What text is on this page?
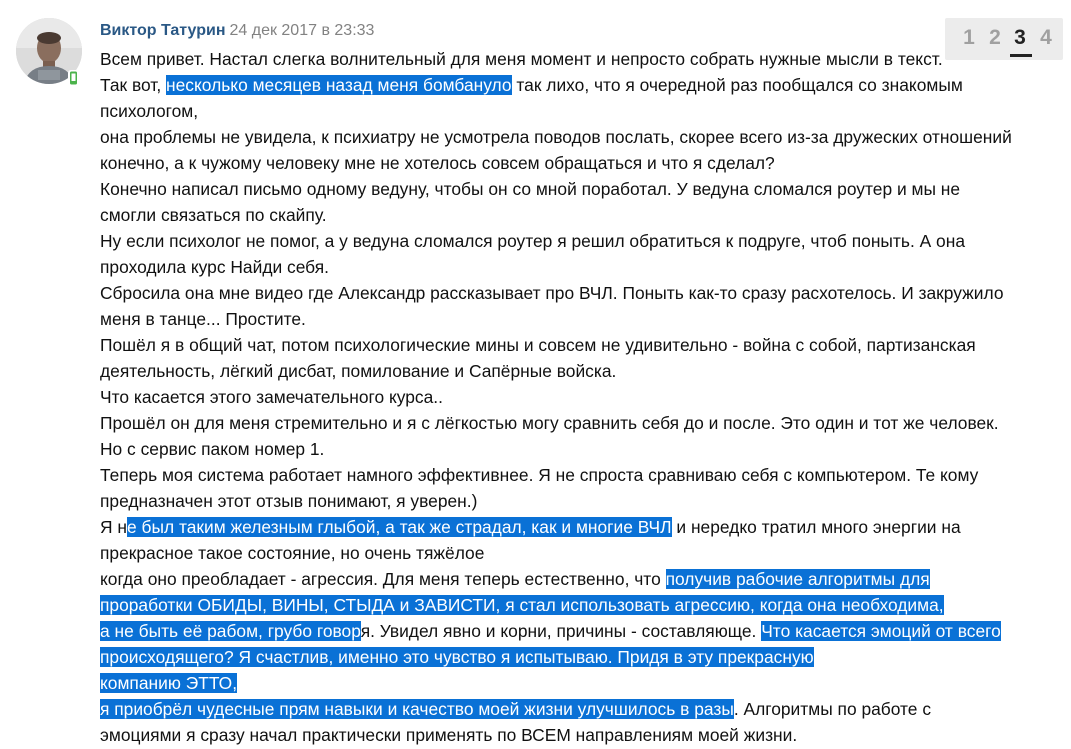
Виктор Татурин 24 дек 2017 в 23:33	1 2 3 4

Всем привет. Настал слегка волнительный для меня момент и непросто собрать нужные мысли в текст.

Так вот, несколько месяцев назад меня бомбануло так лихо, что я очередной раз пообщался со знакомым

психологом,

она проблемы не увидела, к психиатру не усмотрела поводов послать, скорее всего из-за дружеских отношений

конечно, а к чужому человеку мне не хотелось совсем обращаться и что я сделал?

Конечно написал письмо одному ведуну, чтобы он со мной поработал. У ведуна сломался роутер и мы не

смогли связаться по скайпу.

Ну если психолог не помог, а у ведуна сломался роутер я решил обратиться к подруге, чтоб поныть. А она

проходила курс Найди себя.

Сбросила она мне видео где Александр рассказывает про ВЧЛ. Поныть как-то сразу расхотелось. И закружило

меня в танце... Простите.

Пошёл я в общий чат, потом психологические мины и совсем не удивительно - война с собой, партизанская

деятельность, лёгкий дисбат, помилование и Сапёрные войска.

Что касается этого замечательного курса..

Прошёл он для меня стремительно и я с лёгкостью могу сравнить себя до и после. Это один и тот же человек.

Но с сервис паком номер 1.

Теперь моя система работает намного эффективнее. Я не спроста сравниваю себя с компьютером. Те кому

предназначен этот отзыв понимают, я уверен.)

Я не был таким железным глыбой, а так же страдал, как и многие ВЧЛ и нередко тратил много энергии на

прекрасное такое состояние, но очень тяжёлое

когда оно преобладает - агрессия. Для меня теперь естественно, что получив рабочие алгоритмы для

проработки ОБИДЫ, ВИНЫ, СТЫДА и ЗАВИСТИ, я стал использовать агрессию, когда она необходима,

а не быть её рабом, грубо говоря. Увидел явно и корни, причины - составляюще. Что касается эмоций от всего

происходящего? Я счастлив, именно это чувство я испытываю. Придя в эту прекрасную

компанию ЭТТО,

я приобрёл чудесные прям навыки и качество моей жизни улучшилось в разы. Алгоритмы по работе с

эмоциями я сразу начал практически применять по ВСЕМ направлениям моей жизни.
